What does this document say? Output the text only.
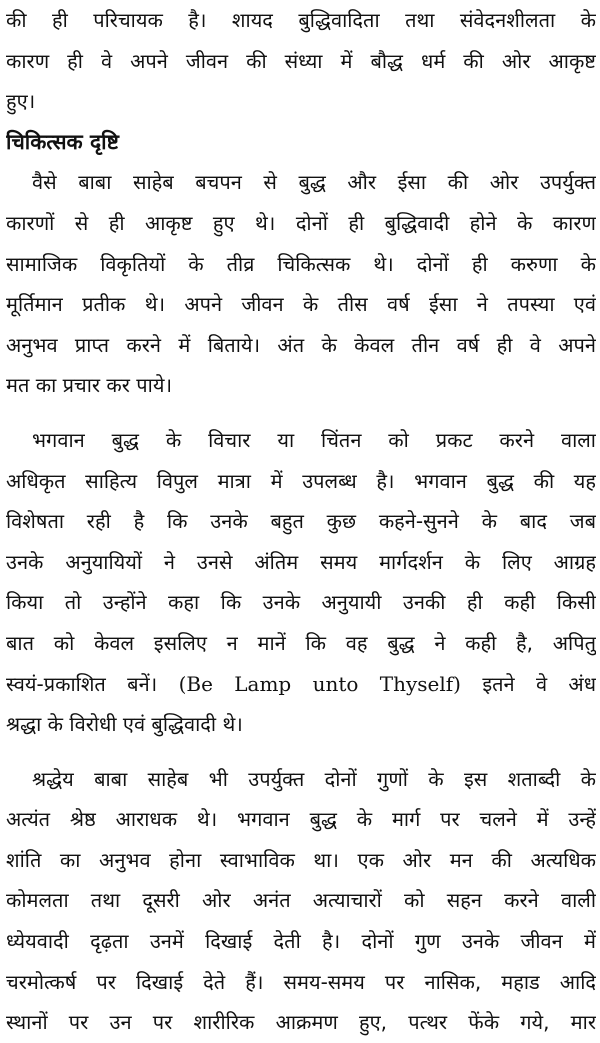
की ही परिचायक है। शायद बुद्धिवादिता तथा संवेदनशीलता के
कारण ही वे अपने जीवन की संध्या में बौद्ध धर्म की ओर आकृष्ट
हुए।
चिकित्सक दृष्टि
वैसे बाबा साहेब बचपन से बुद्ध और ईसा की ओर उपर्युक्त
कारणों से ही आकृष्ट हुए थे। दोनों ही बुद्धिवादी होने के कारण
सामाजिक विकृतियों के तीव्र चिकित्सक थे। दोनों ही करुणा के
मूर्तिमान प्रतीक थे। अपने जीवन के तीस वर्ष ईसा ने तपस्या एवं
अनुभव प्राप्त करने में बिताये। अंत के केवल तीन वर्ष ही वे अपने
मत का प्रचार कर पाये।
भगवान बुद्ध के विचार या चिंतन को प्रकट करने वाला
अधिकृत साहित्य विपुल मात्रा में उपलब्ध है। भगवान बुद्ध की यह
विशेषता रही है कि उनके बहुत कुछ कहने-सुनने के बाद जब
उनके अनुयायियों ने उनसे अंतिम समय मार्गदर्शन के लिए आग्रह
किया तो उन्होंने कहा कि उनके अनुयायी उनकी ही कही किसी
बात को केवल इसलिए न मानें कि वह बुद्ध ने कही है, अपितु
स्वयं-प्रकाशित बनें। (Be Lamp unto Thyself) इतने वे अंध
श्रद्धा के विरोधी एवं बुद्धिवादी थे।
श्रद्धेय बाबा साहेब भी उपर्युक्त दोनों गुणों के इस शताब्दी के
अत्यंत श्रेष्ठ आराधक थे। भगवान बुद्ध के मार्ग पर चलने में उन्हें
शांति का अनुभव होना स्वाभाविक था। एक ओर मन की अत्यधिक
कोमलता तथा दूसरी ओर अनंत अत्याचारों को सहन करने वाली
ध्येयवादी दृढ़ता उनमें दिखाई देती है। दोनों गुण उनके जीवन में
चरमोत्कर्ष पर दिखाई देते हैं। समय-समय पर नासिक, महाड आदि
स्थानों पर उन पर शारीरिक आक्रमण हुए, पत्थर फेंके गये, मार
